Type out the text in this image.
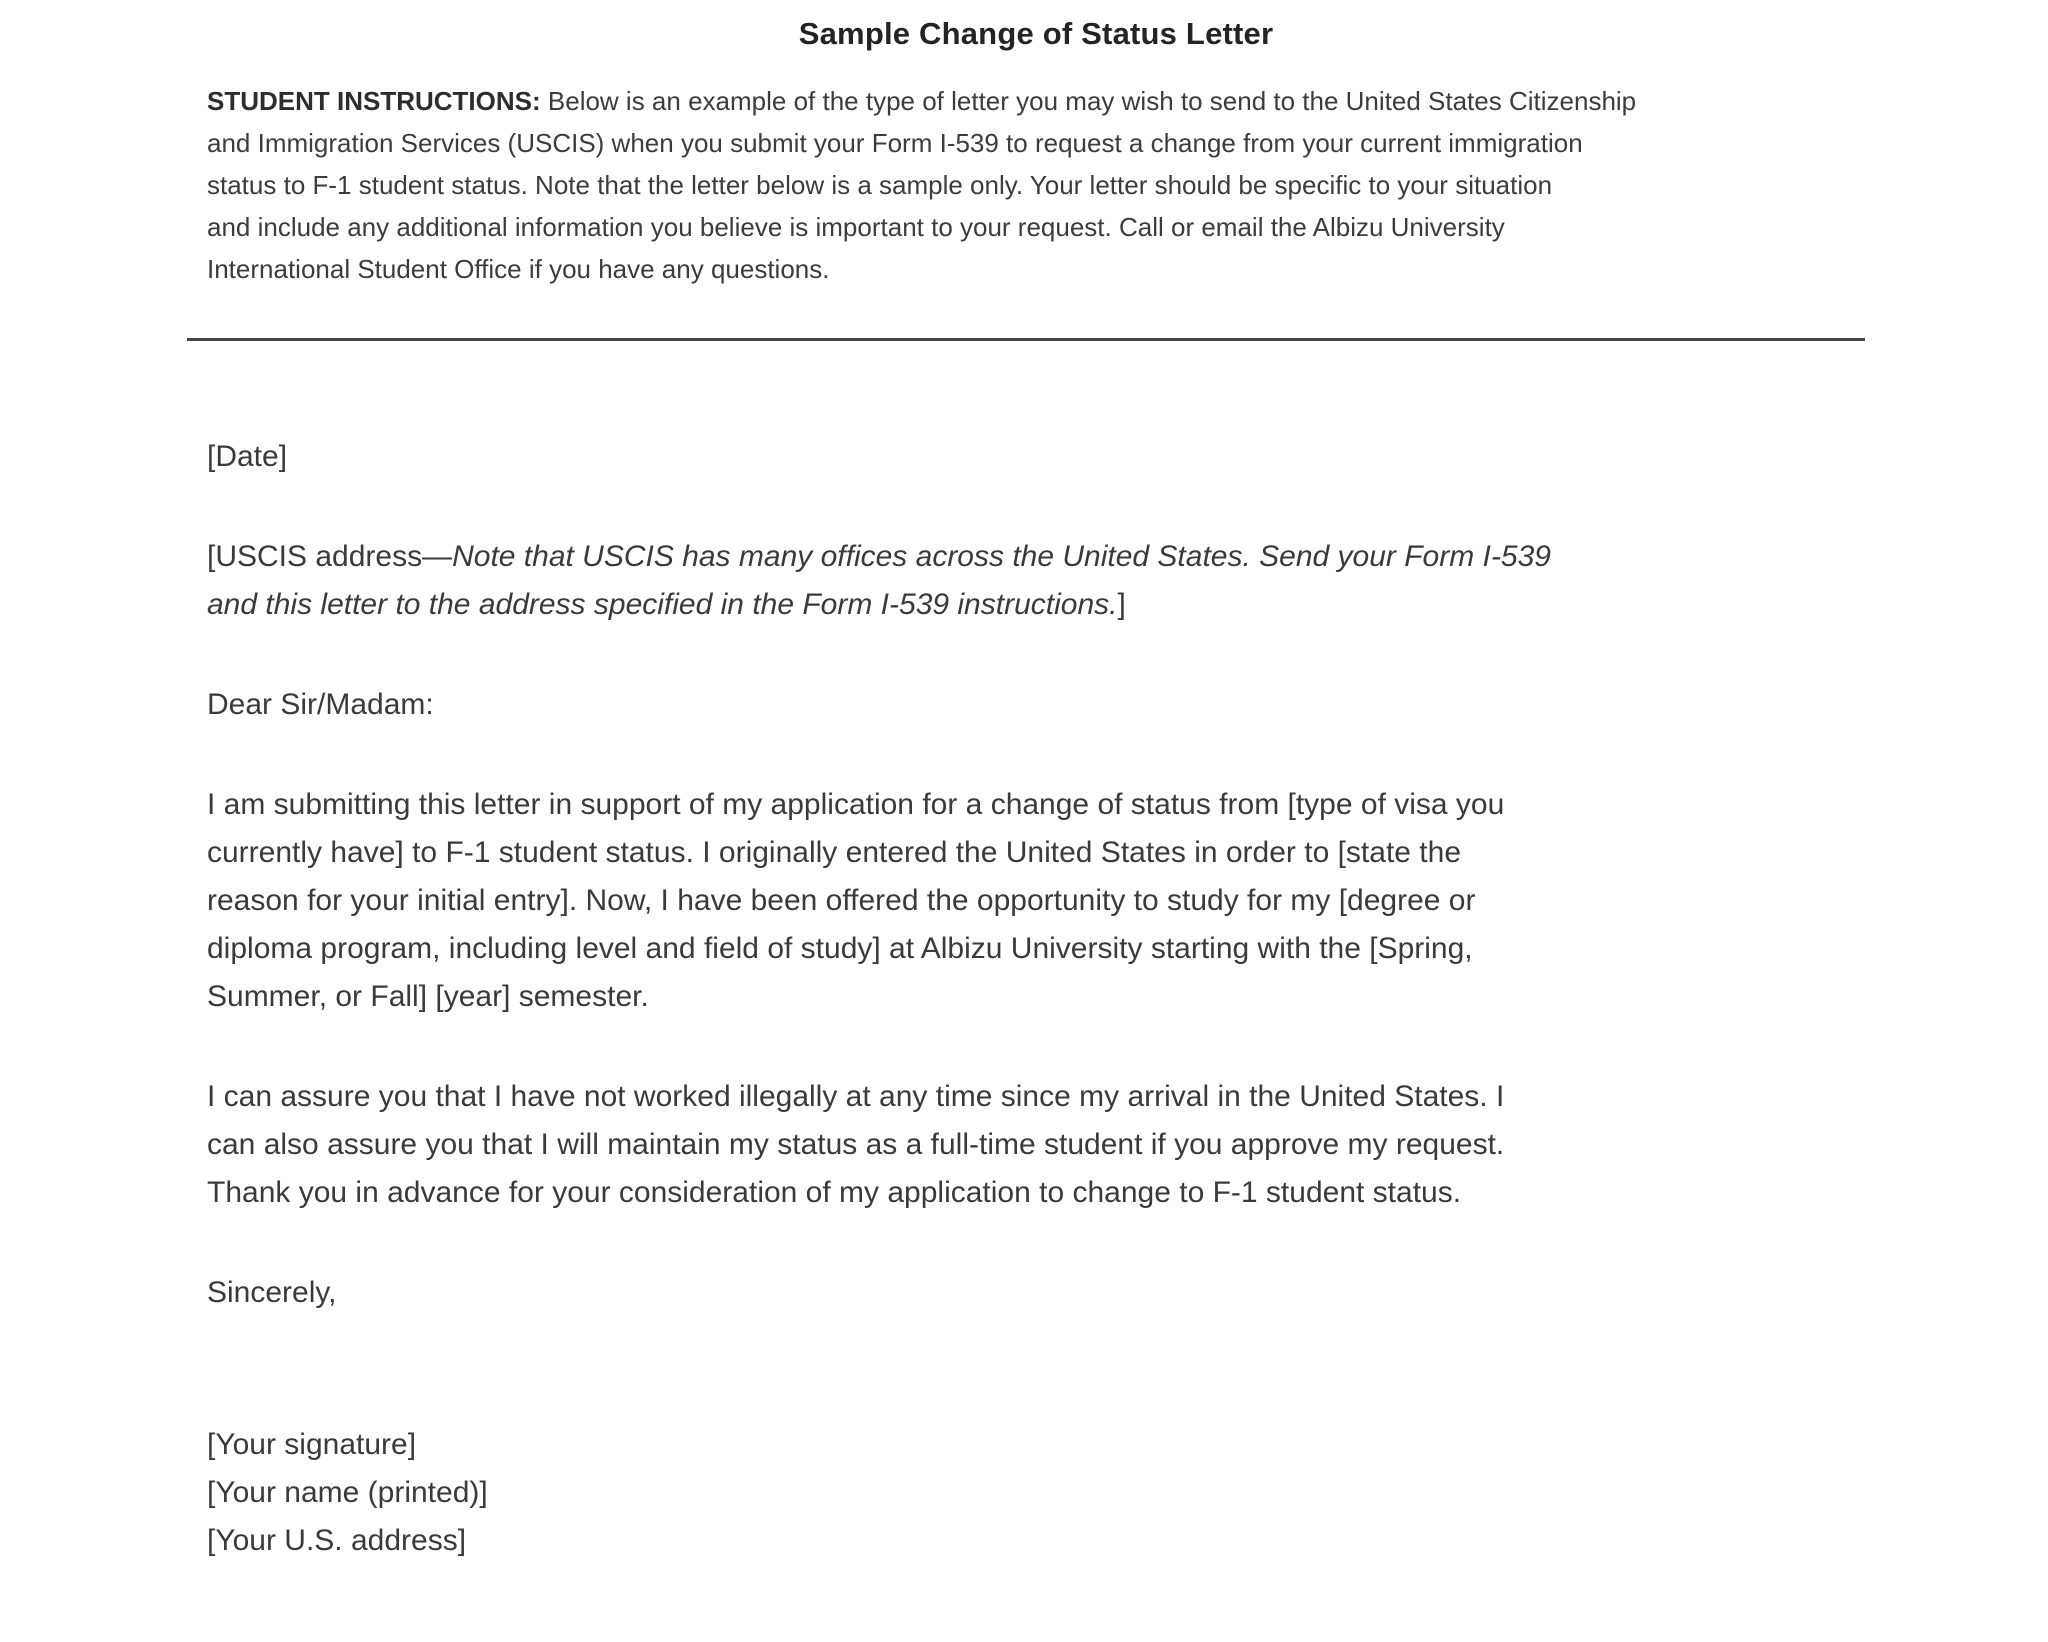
Sample Change of Status Letter

STUDENT INSTRUCTIONS: Below is an example of the type of letter you may wish to send to the United States Citizenship
and Immigration Services (USCIS) when you submit your Form I-539 to request a change from your current immigration
status to F-1 student status. Note that the letter below is a sample only. Your letter should be specific to your situation
and include any additional information you believe is important to your request. Call or email the Albizu University
International Student Office if you have any questions.

[Date]

[USCIS address—Note that USCIS has many offices across the United States. Send your Form I-539
and this letter to the address specified in the Form I-539 instructions.]

Dear Sir/Madam:

I am submitting this letter in support of my application for a change of status from [type of visa you
currently have] to F-1 student status. I originally entered the United States in order to [state the
reason for your initial entry]. Now, I have been offered the opportunity to study for my [degree or
diploma program, including level and field of study] at Albizu University starting with the [Spring,
Summer, or Fall] [year] semester.

I can assure you that I have not worked illegally at any time since my arrival in the United States. I
can also assure you that I will maintain my status as a full-time student if you approve my request.
Thank you in advance for your consideration of my application to change to F-1 student status.

Sincerely,

[Your signature]
[Your name (printed)]
[Your U.S. address]
